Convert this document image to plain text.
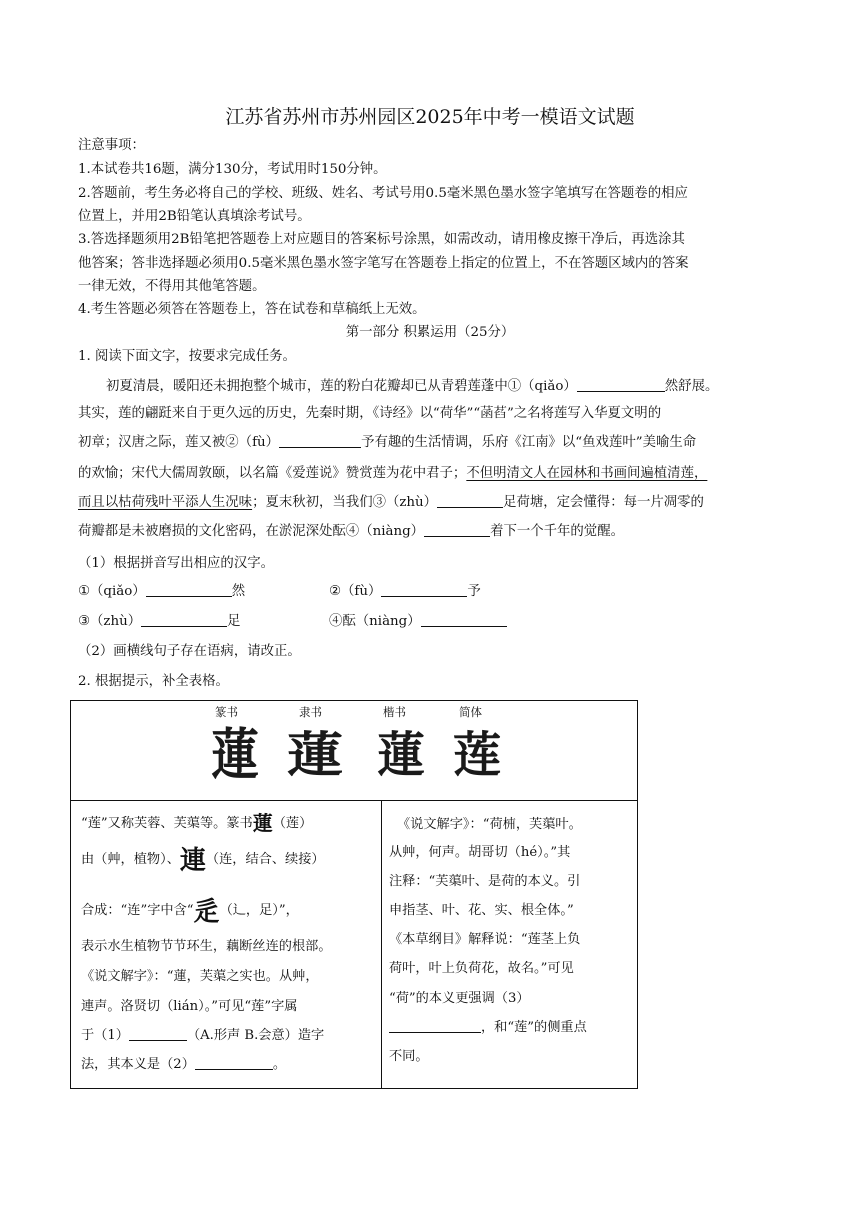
江苏省苏州市苏州园区2025年中考一模语文试题
注意事项：
1.本试卷共16题，满分130分，考试用时150分钟。
2.答题前，考生务必将自己的学校、班级、姓名、考试号用0.5毫米黑色墨水签字笔填写在答题卷的相应
位置上，并用2B铅笔认真填涂考试号。
3.答选择题须用2B铅笔把答题卷上对应题目的答案标号涂黑，如需改动，请用橡皮擦干净后，再选涂其
他答案；答非选择题必须用0.5毫米黑色墨水签字笔写在答题卷上指定的位置上，不在答题区域内的答案
一律无效，不得用其他笔答题。
4.考生答题必须答在答题卷上，答在试卷和草稿纸上无效。
第一部分 积累运用（25分）
1. 阅读下面文字，按要求完成任务。
初夏清晨，暖阳还未拥抱整个城市，莲的粉白花瓣却已从青碧莲蓬中①（qiǎo）	然舒展。
其实，莲的翩跹来自于更久远的历史，先秦时期，《诗经》以“荷华”“菡萏”之名将莲写入华夏文明的
初章；汉唐之际，莲又被②（fù）	予有趣的生活情调，乐府《江南》以“鱼戏莲叶”美喻生命
的欢愉；宋代大儒周敦颐，以名篇《爱莲说》赞赏莲为花中君子；不但明清文人在园林和书画间遍植清莲，
而且以枯荷残叶平添人生况味；夏末秋初，当我们③（zhù）	足荷塘，定会懂得：每一片凋零的
荷瓣都是未被磨损的文化密码，在淤泥深处酝④（niàng）	着下一个千年的觉醒。
（1）根据拼音写出相应的汉字。
①（qiǎo）	然	②（fù）	予
③（zhù）	足	④酝（niàng）
（2）画横线句子存在语病，请改正。
2. 根据提示，补全表格。
篆书	隶书	楷书	简体
蓮 蓮 蓮 莲
“莲”又称芙蓉、芙蕖等。篆书蓮（莲）
由（艸，植物）、連（连，结合、续接）
合成：“连”字中含“辵（辶，足）”，
表示水生植物节节环生，藕断丝连的根部。
《说文解字》：“蓮，芙蕖之实也。从艸，
連声。洛贤切（lián）。”可见“莲”字属
于（1）	（A.形声 B.会意）造字
法，其本义是（2）	。
《说文解字》：“荷枾，芙蕖叶。
从艸，何声。胡哥切（hé）。”其
注释：“芙蕖叶、是荷的本义。引
申指茎、叶、花、实、根全体。”
《本草纲目》解释说：“莲茎上负
荷叶，叶上负荷花，故名。”可见
“荷”的本义更强调（3）
，和“莲”的侧重点
不同。
